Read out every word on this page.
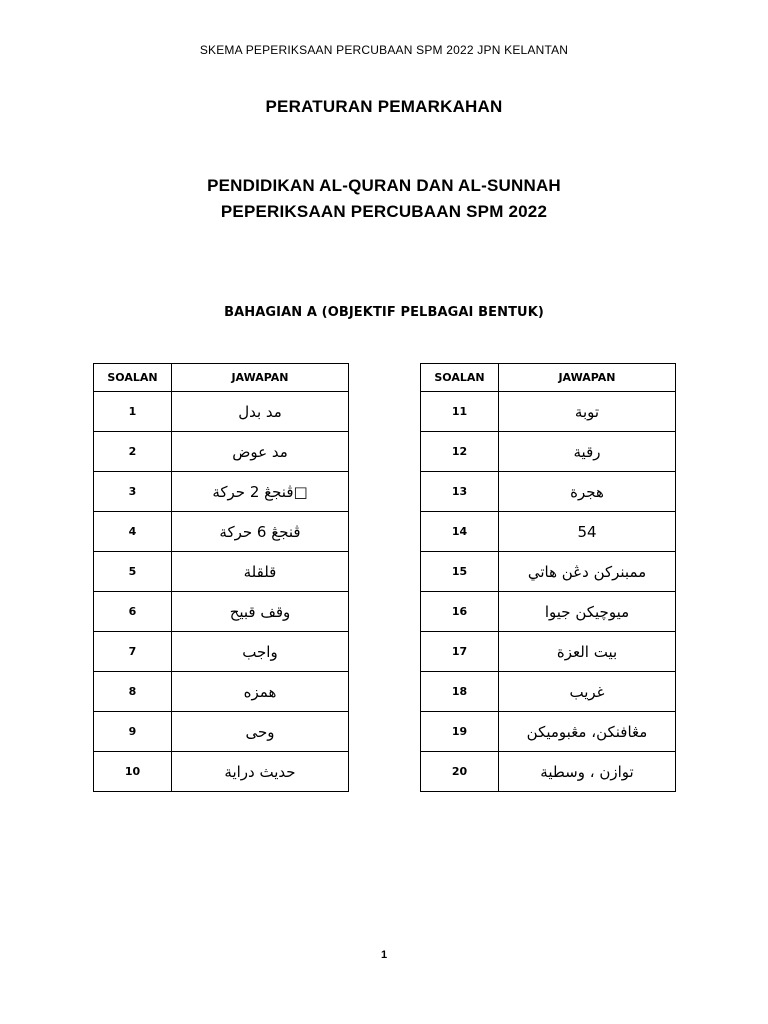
SKEMA PEPERIKSAAN PERCUBAAN SPM 2022 JPN KELANTAN
PERATURAN PEMARKAHAN
PENDIDIKAN AL-QURAN DAN AL-SUNNAH
PEPERIKSAAN PERCUBAAN SPM 2022
BAHAGIAN A (OBJEKTIF PELBAGAI BENTUK)
SOALAN	JAWAPAN
1	مد بدل
2	مد عوض
3	□ڤنجڠ 2 حركة
4	ڤنجڠ 6 حركة
5	قلقلة
6	وقف قبيح
7	واجب
8	همزه
9	وحى
10	حديث دراية
SOALAN	JAWAPAN
11	توبة
12	رقية
13	هجرة
14	54
15	ممبنركن دڠن هاتي
16	ميوچيكن جيوا
17	بيت العزة
18	غريب
19	مڠافنكن، مڠبوميكن
20	توازن ، وسطية
1
